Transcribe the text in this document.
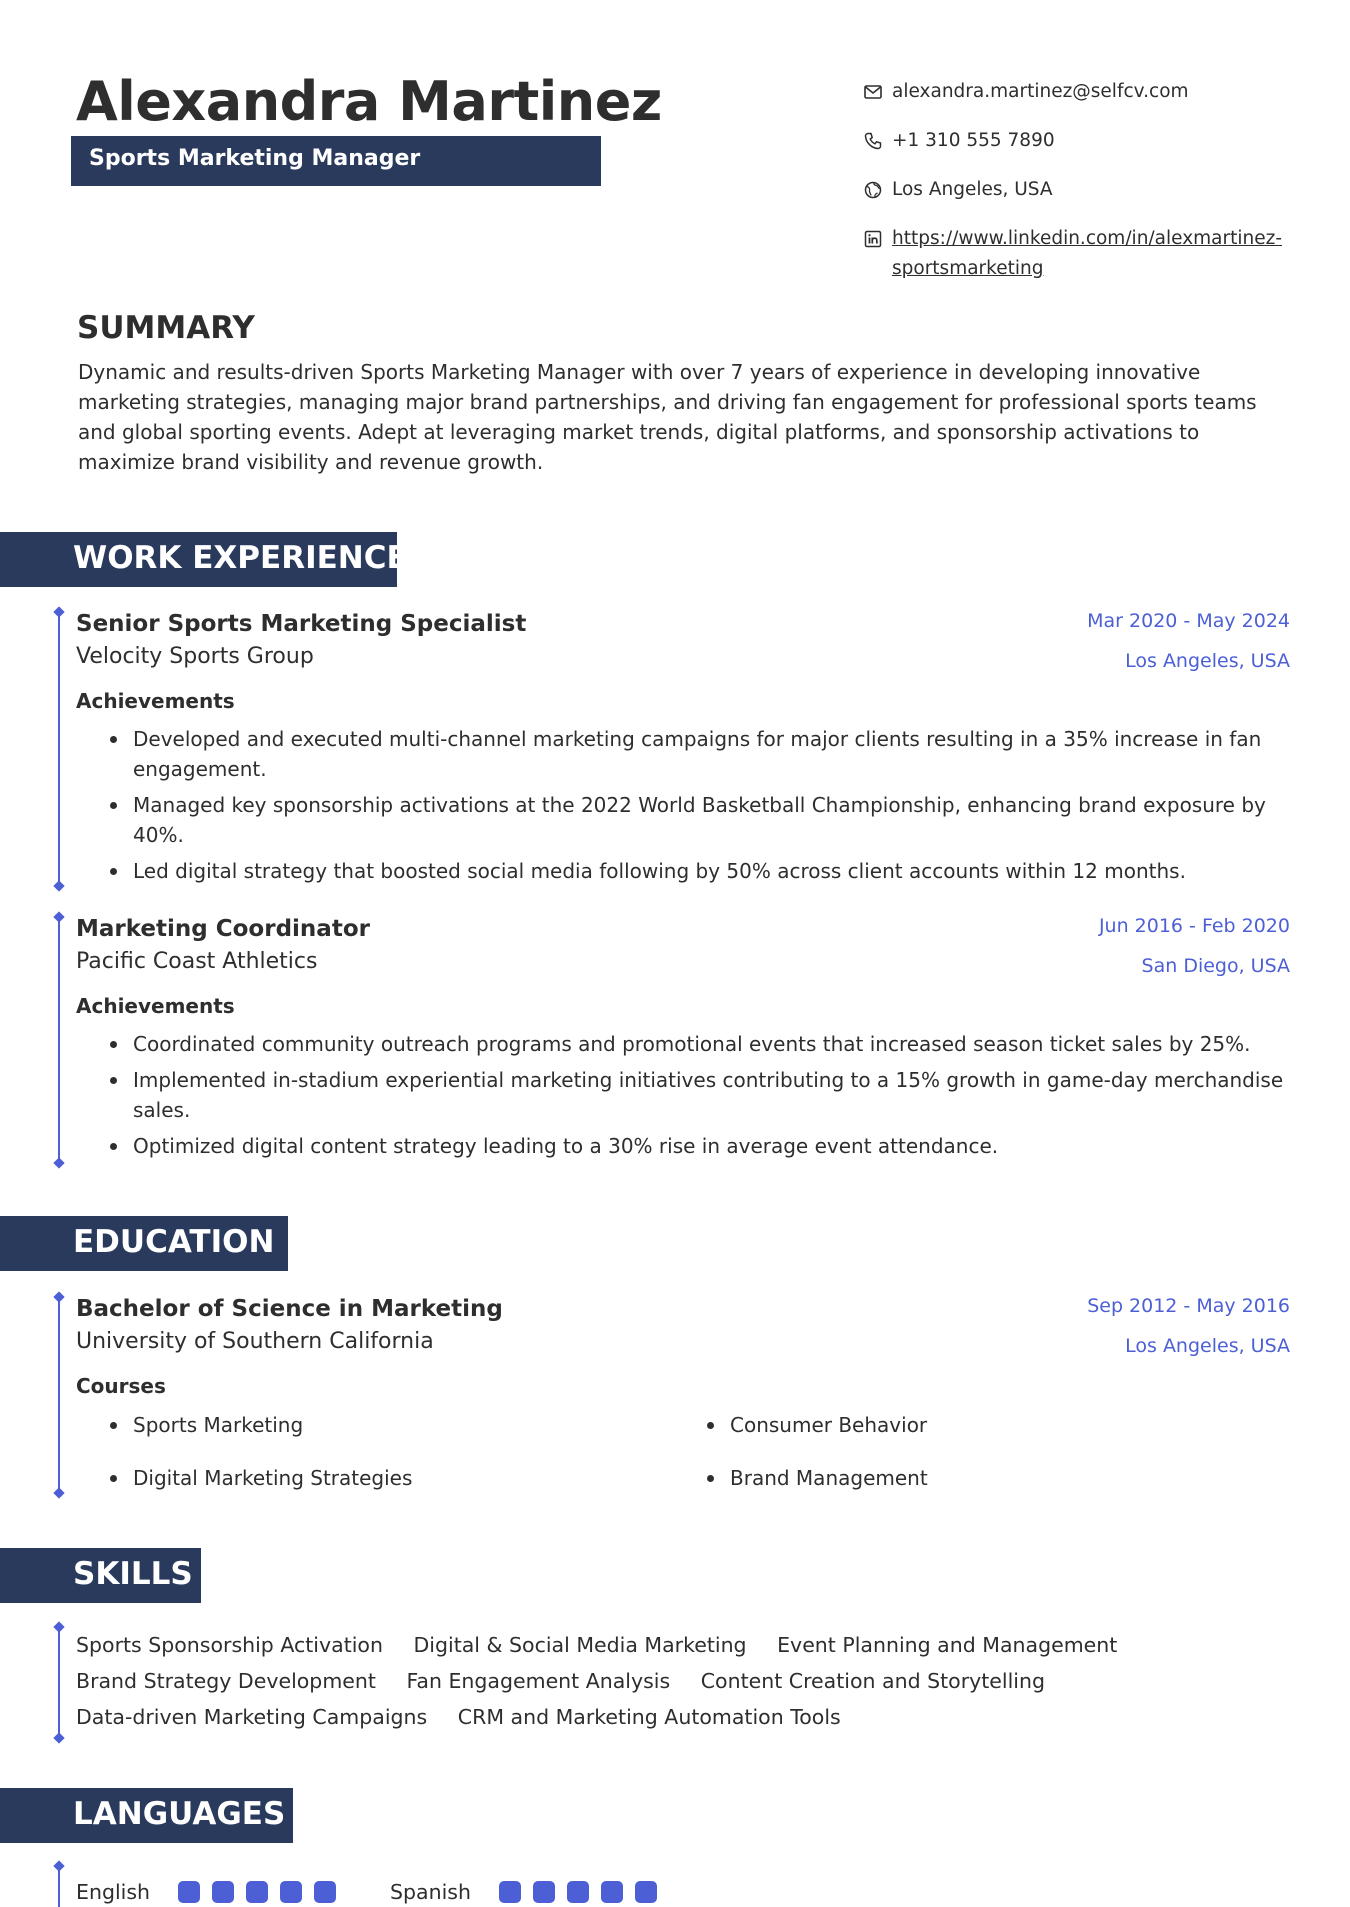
Alexandra Martinez
Sports Marketing Manager
alexandra.martinez@selfcv.com
+1 310 555 7890
Los Angeles, USA
https://www.linkedin.com/in/alexmartinez-
sportsmarketing
SUMMARY
Dynamic and results-driven Sports Marketing Manager with over 7 years of experience in developing innovative marketing strategies, managing major brand partnerships, and driving fan engagement for professional sports teams and global sporting events. Adept at leveraging market trends, digital platforms, and sponsorship activations to maximize brand visibility and revenue growth.
WORK EXPERIENCE
Senior Sports Marketing Specialist
Velocity Sports Group
Mar 2020 - May 2024
Los Angeles, USA
Achievements
Developed and executed multi-channel marketing campaigns for major clients resulting in a 35% increase in fan engagement.
Managed key sponsorship activations at the 2022 World Basketball Championship, enhancing brand exposure by 40%.
Led digital strategy that boosted social media following by 50% across client accounts within 12 months.
Marketing Coordinator
Pacific Coast Athletics
Jun 2016 - Feb 2020
San Diego, USA
Achievements
Coordinated community outreach programs and promotional events that increased season ticket sales by 25%.
Implemented in-stadium experiential marketing initiatives contributing to a 15% growth in game-day merchandise sales.
Optimized digital content strategy leading to a 30% rise in average event attendance.
EDUCATION
Bachelor of Science in Marketing
University of Southern California
Sep 2012 - May 2016
Los Angeles, USA
Courses
Sports Marketing	Consumer Behavior
Digital Marketing Strategies	Brand Management
SKILLS
Sports Sponsorship Activation Digital & Social Media Marketing Event Planning and Management
Brand Strategy Development Fan Engagement Analysis Content Creation and Storytelling
Data-driven Marketing Campaigns CRM and Marketing Automation Tools
LANGUAGES
English	Spanish
